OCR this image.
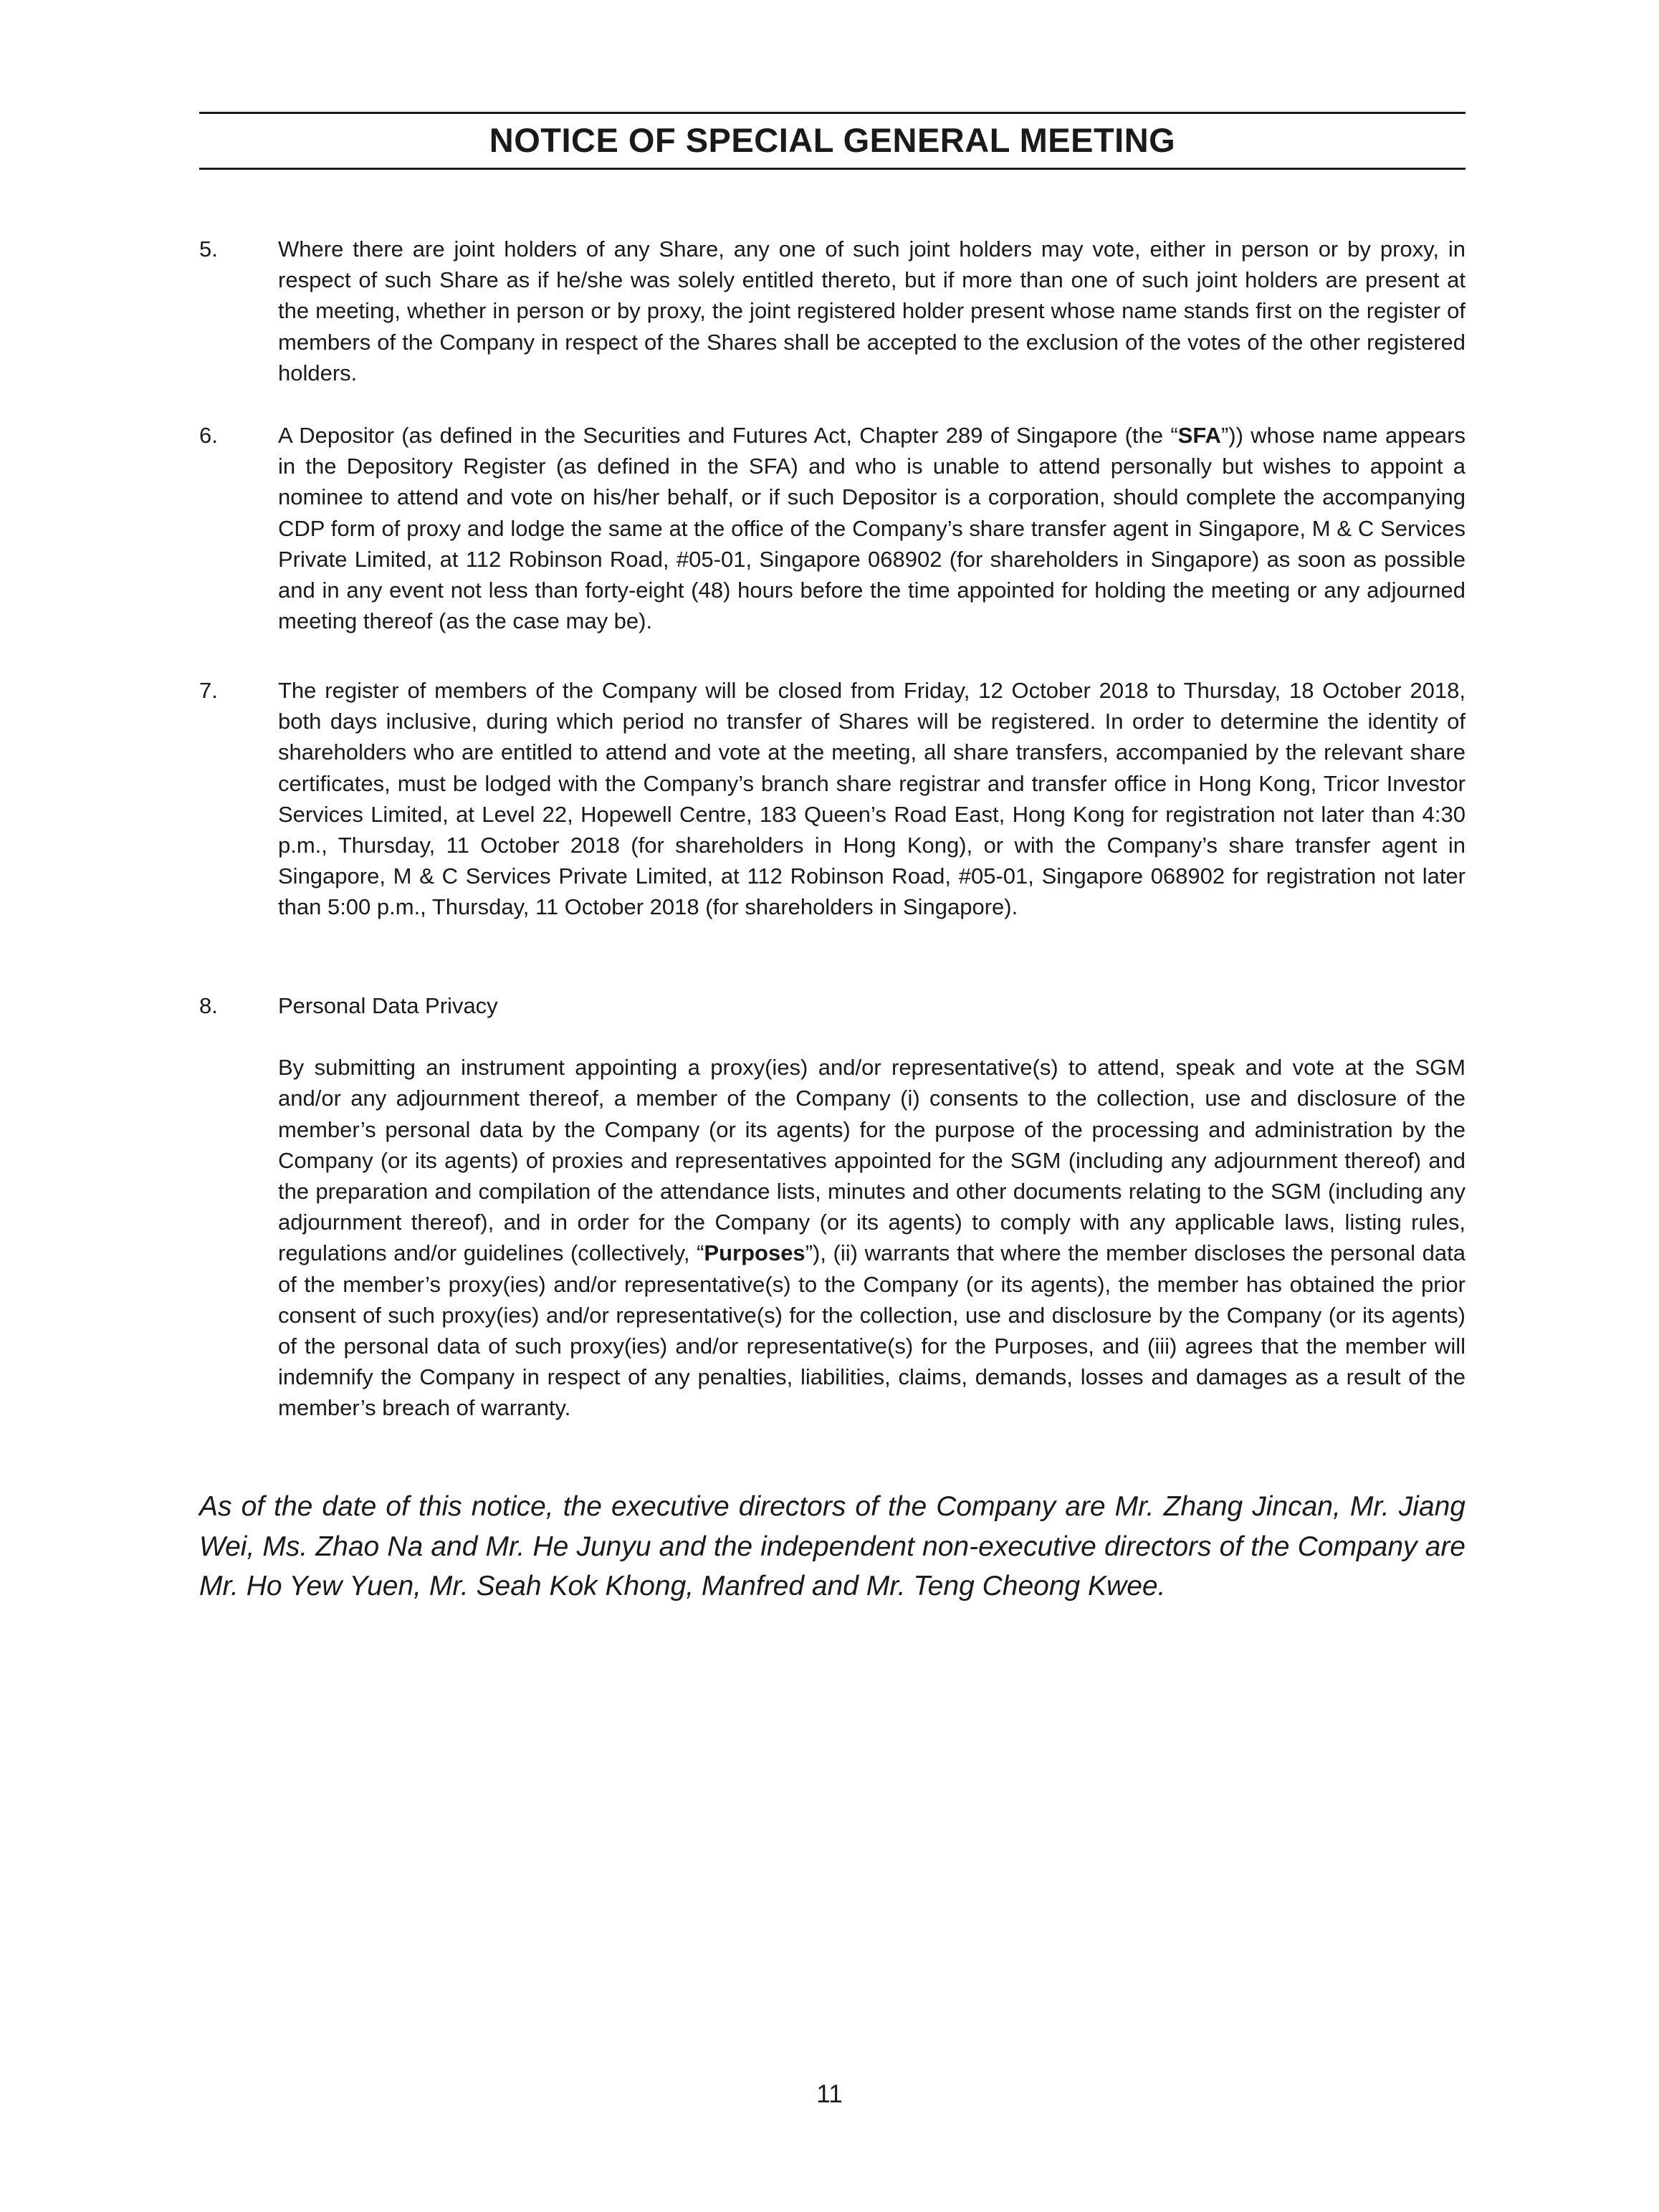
NOTICE OF SPECIAL GENERAL MEETING
5.	Where there are joint holders of any Share, any one of such joint holders may vote, either in person or by proxy, in respect of such Share as if he/she was solely entitled thereto, but if more than one of such joint holders are present at the meeting, whether in person or by proxy, the joint registered holder present whose name stands first on the register of members of the Company in respect of the Shares shall be accepted to the exclusion of the votes of the other registered holders.

6.	A Depositor (as defined in the Securities and Futures Act, Chapter 289 of Singapore (the “SFA”)) whose name appears in the Depository Register (as defined in the SFA) and who is unable to attend personally but wishes to appoint a nominee to attend and vote on his/her behalf, or if such Depositor is a corporation, should complete the accompanying CDP form of proxy and lodge the same at the office of the Company’s share transfer agent in Singapore, M & C Services Private Limited, at 112 Robinson Road, #05-01, Singapore 068902 (for shareholders in Singapore) as soon as possible and in any event not less than forty-eight (48) hours before the time appointed for holding the meeting or any adjourned meeting thereof (as the case may be).

7.	The register of members of the Company will be closed from Friday, 12 October 2018 to Thursday, 18 October 2018, both days inclusive, during which period no transfer of Shares will be registered. In order to determine the identity of shareholders who are entitled to attend and vote at the meeting, all share transfers, accompanied by the relevant share certificates, must be lodged with the Company’s branch share registrar and transfer office in Hong Kong, Tricor Investor Services Limited, at Level 22, Hopewell Centre, 183 Queen’s Road East, Hong Kong for registration not later than 4:30 p.m., Thursday, 11 October 2018 (for shareholders in Hong Kong), or with the Company’s share transfer agent in Singapore, M & C Services Private Limited, at 112 Robinson Road, #05-01, Singapore 068902 for registration not later than 5:00 p.m., Thursday, 11 October 2018 (for shareholders in Singapore).

8.	Personal Data Privacy

By submitting an instrument appointing a proxy(ies) and/or representative(s) to attend, speak and vote at the SGM and/or any adjournment thereof, a member of the Company (i) consents to the collection, use and disclosure of the member’s personal data by the Company (or its agents) for the purpose of the processing and administration by the Company (or its agents) of proxies and representatives appointed for the SGM (including any adjournment thereof) and the preparation and compilation of the attendance lists, minutes and other documents relating to the SGM (including any adjournment thereof), and in order for the Company (or its agents) to comply with any applicable laws, listing rules, regulations and/or guidelines (collectively, “Purposes”), (ii) warrants that where the member discloses the personal data of the member’s proxy(ies) and/or representative(s) to the Company (or its agents), the member has obtained the prior consent of such proxy(ies) and/or representative(s) for the collection, use and disclosure by the Company (or its agents) of the personal data of such proxy(ies) and/or representative(s) for the Purposes, and (iii) agrees that the member will indemnify the Company in respect of any penalties, liabilities, claims, demands, losses and damages as a result of the member’s breach of warranty.

As of the date of this notice, the executive directors of the Company are Mr. Zhang Jincan, Mr. Jiang Wei, Ms. Zhao Na and Mr. He Junyu and the independent non-executive directors of the Company are Mr. Ho Yew Yuen, Mr. Seah Kok Khong, Manfred and Mr. Teng Cheong Kwee.

11
